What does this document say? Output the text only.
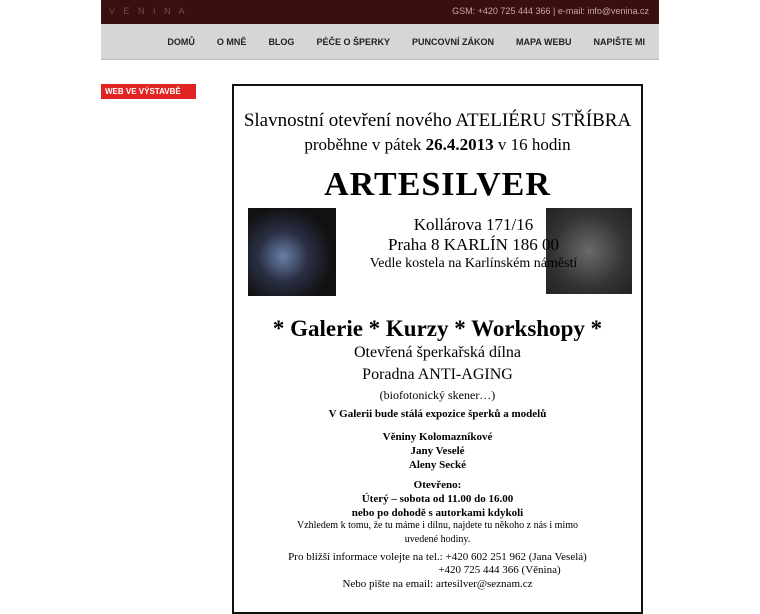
V E N I N A	GSM: +420 725 444 366 | e-mail: info@venina.cz
DOMŮ O MNĚ BLOG PÉČE O ŠPERKY PUNCOVNÍ ZÁKON MAPA WEBU NAPIŠTE MI
WEB VE VÝSTAVBĚ
Slavnostní otevření nového ATELIÉRU STŘÍBRA
proběhne v pátek 26.4.2013 v 16 hodin
ARTESILVER
Kollárova 171/16
Praha 8 KARLÍN 186 00
Vedle kostela na Karlínském náměstí
* Galerie * Kurzy * Workshopy *
Otevřená šperkařská dílna
Poradna ANTI-AGING
(biofotonický skener…)
V Galerii bude stálá expozice šperků a modelů
Věniny Kolomazníkové
Jany Veselé
Aleny Secké
Otevřeno:
Úterý – sobota od 11.00 do 16.00
nebo po dohodě s autorkami kdykoli
Vzhledem k tomu, že tu máme i dílnu, najdete tu někoho z nás i mimo
uvedené hodiny.
Pro bližší informace volejte na tel.: +420 602 251 962 (Jana Veselá)
+420 725 444 366 (Věnina)
Nebo pište na email: artesilver@seznam.cz
